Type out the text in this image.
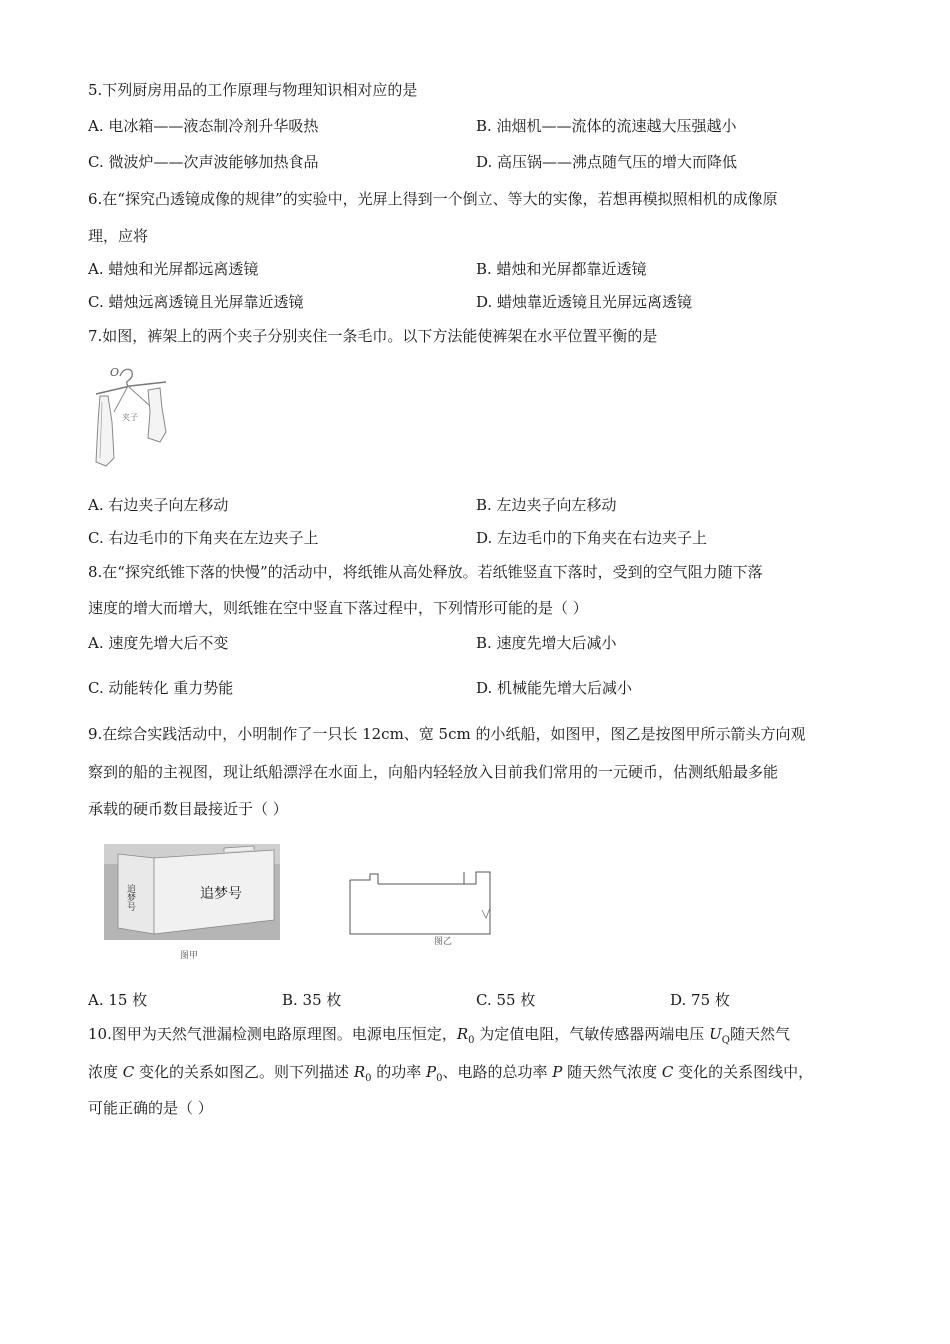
5.下列厨房用品的工作原理与物理知识相对应的是
A. 电冰箱——液态制冷剂升华吸热	B. 油烟机——流体的流速越大压强越小
C. 微波炉——次声波能够加热食品	D. 高压锅——沸点随气压的增大而降低
6.在“探究凸透镜成像的规律”的实验中，光屏上得到一个倒立、等大的实像，若想再模拟照相机的成像原
理，应将
A. 蜡烛和光屏都远离透镜	B. 蜡烛和光屏都靠近透镜
C. 蜡烛远离透镜且光屏靠近透镜	D. 蜡烛靠近透镜且光屏远离透镜
7.如图，裤架上的两个夹子分别夹住一条毛巾。以下方法能使裤架在水平位置平衡的是
O
夹子
A. 右边夹子向左移动	B. 左边夹子向左移动
C. 右边毛巾的下角夹在左边夹子上	D. 左边毛巾的下角夹在右边夹子上
8.在“探究纸锥下落的快慢”的活动中，将纸锥从高处释放。若纸锥竖直下落时，受到的空气阻力随下落
速度的增大而增大，则纸锥在空中竖直下落过程中，下列情形可能的是（ ）
A. 速度先增大后不变	B. 速度先增大后减小
C. 动能转化 重力势能	D. 机械能先增大后减小
9.在综合实践活动中，小明制作了一只长 12cm、宽 5cm 的小纸船，如图甲，图乙是按图甲所示箭头方向观
察到的船的主视图，现让纸船漂浮在水面上，向船内轻轻放入目前我们常用的一元硬币，估测纸船最多能
承载的硬币数目最接近于（ ）
追梦号	追梦号
图甲
图乙
A. 15 枚	B. 35 枚	C. 55 枚	D. 75 枚
10.图甲为天然气泄漏检测电路原理图。电源电压恒定，$R_0$ 为定值电阻，气敏传感器两端电压 $U_Q$随天然气
浓度 C 变化的关系如图乙。则下列描述 $R_0$ 的功率 $P_0$、电路的总功率 P 随天然气浓度 C 变化的关系图线中，
可能正确的是（ ）
